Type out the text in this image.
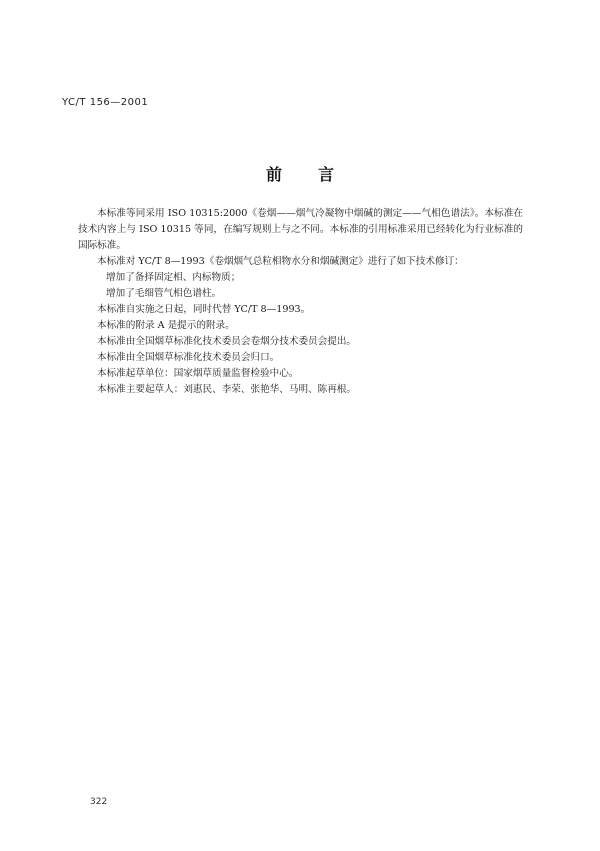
YC/T 156—2001
前言

本标准等同采用 ISO 10315:2000《卷烟——烟气冷凝物中烟碱的测定——气相色谱法》。本标准在技术内容上与 ISO 10315 等同，在编写规则上与之不同。本标准的引用标准采用已经转化为行业标准的国际标准。

本标准对 YC/T 8—1993《卷烟烟气总粒相物水分和烟碱测定》进行了如下技术修订：

增加了备择固定相、内标物质；

增加了毛细管气相色谱柱。

本标准自实施之日起，同时代替 YC/T 8—1993。

本标准的附录 A 是提示的附录。

本标准由全国烟草标准化技术委员会卷烟分技术委员会提出。

本标准由全国烟草标准化技术委员会归口。

本标准起草单位：国家烟草质量监督检验中心。

本标准主要起草人：刘惠民、李荣、张艳华、马明、陈再根。

322
